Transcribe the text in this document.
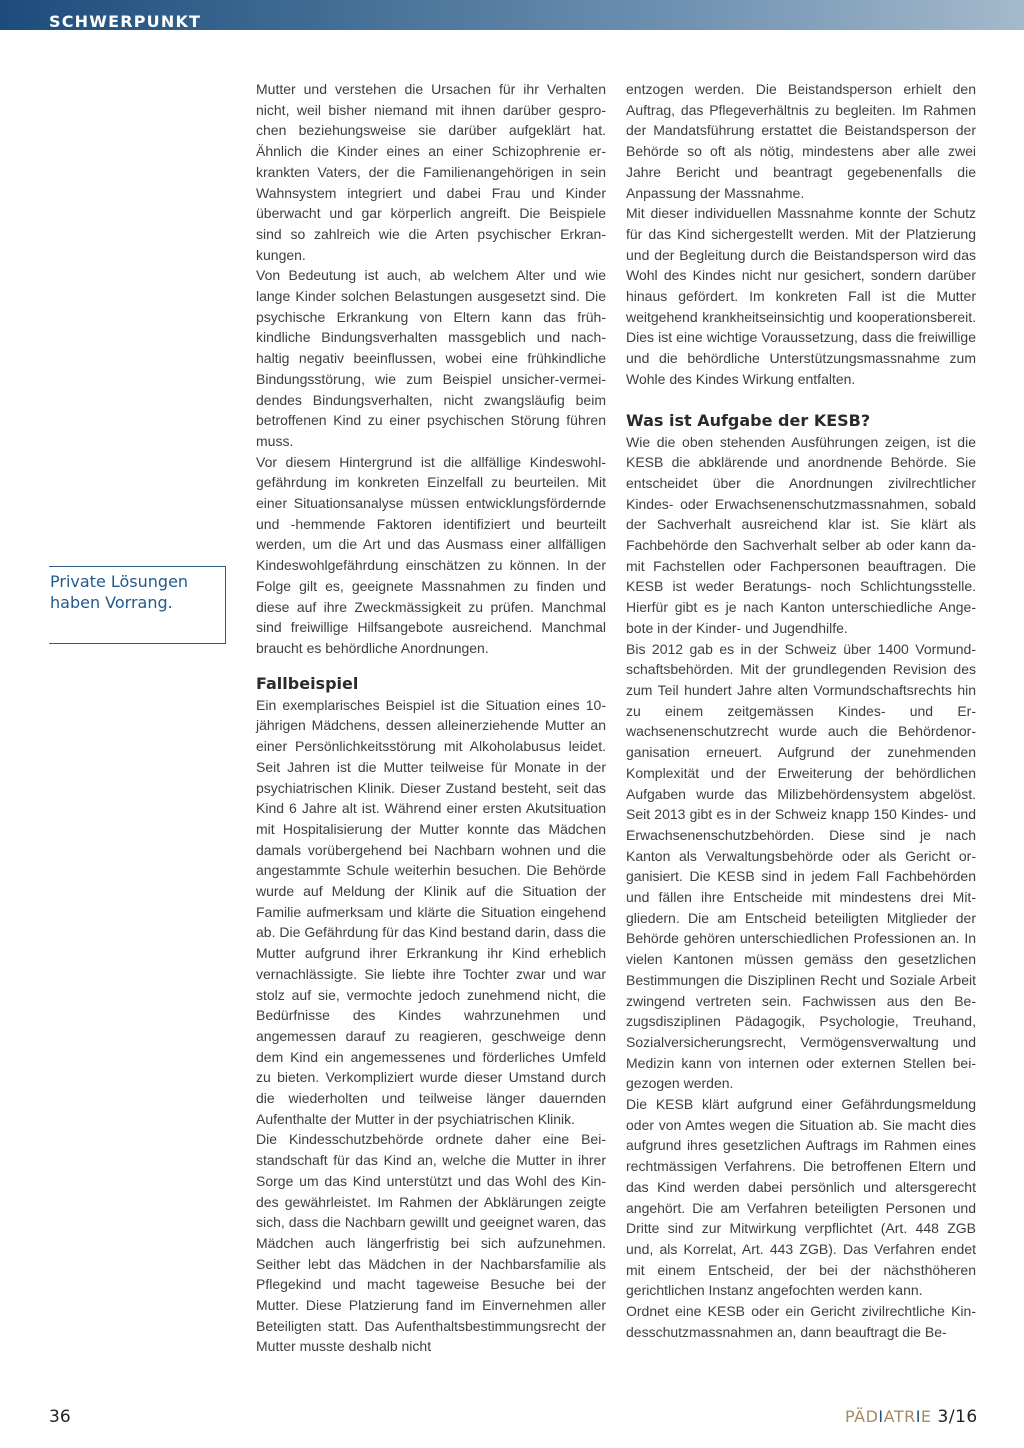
SCHWERPUNKT
Private Lösungen haben Vorrang.

Mutter und verstehen die Ursachen für ihr Verhalten nicht, weil bisher niemand mit ihnen darüber gesprochen beziehungsweise sie darüber aufgeklärt hat. Ähnlich die Kinder eines an einer Schizophrenie erkrankten Vaters, der die Familienangehörigen in sein Wahnsystem integriert und dabei Frau und Kinder überwacht und gar körperlich angreift. Die Beispiele sind so zahlreich wie die Arten psychischer Erkrankungen.

Von Bedeutung ist auch, ab welchem Alter und wie lange Kinder solchen Belastungen ausgesetzt sind. Die psychische Erkrankung von Eltern kann das frühkindliche Bindungsverhalten massgeblich und nachhaltig negativ beeinflussen, wobei eine frühkindliche Bindungsstörung, wie zum Beispiel unsicher-vermeidendes Bindungsverhalten, nicht zwangsläufig beim betroffenen Kind zu einer psychischen Störung führen muss.

Vor diesem Hintergrund ist die allfällige Kindeswohlgefährdung im konkreten Einzelfall zu beurteilen. Mit einer Situationsanalyse müssen entwicklungsfördernde und -hemmende Faktoren identifiziert und beurteilt werden, um die Art und das Ausmass einer allfälligen Kindeswohlgefährdung einschätzen zu können. In der Folge gilt es, geeignete Massnahmen zu finden und diese auf ihre Zweckmässigkeit zu prüfen. Manchmal sind freiwillige Hilfsangebote ausreichend. Manchmal braucht es behördliche Anordnungen.

Fallbeispiel

Ein exemplarisches Beispiel ist die Situation eines 10-jährigen Mädchens, dessen alleinerziehende Mutter an einer Persönlichkeitsstörung mit Alkoholabusus leidet. Seit Jahren ist die Mutter teilweise für Monate in der psychiatrischen Klinik. Dieser Zustand besteht, seit das Kind 6 Jahre alt ist. Während einer ersten Akutsituation mit Hospitalisierung der Mutter konnte das Mädchen damals vorübergehend bei Nachbarn wohnen und die angestammte Schule weiterhin besuchen. Die Behörde wurde auf Meldung der Klinik auf die Situation der Familie aufmerksam und klärte die Situation eingehend ab. Die Gefährdung für das Kind bestand darin, dass die Mutter aufgrund ihrer Erkrankung ihr Kind erheblich vernachlässigte. Sie liebte ihre Tochter zwar und war stolz auf sie, vermochte jedoch zunehmend nicht, die Bedürfnisse des Kindes wahrzunehmen und angemessen darauf zu reagieren, geschweige denn dem Kind ein angemessenes und förderliches Umfeld zu bieten. Verkompliziert wurde dieser Umstand durch die wiederholten und teilweise länger dauernden Aufenthalte der Mutter in der psychiatrischen Klinik.

Die Kindesschutzbehörde ordnete daher eine Beistandschaft für das Kind an, welche die Mutter in ihrer Sorge um das Kind unterstützt und das Wohl des Kindes gewährleistet. Im Rahmen der Abklärungen zeigte sich, dass die Nachbarn gewillt und geeignet waren, das Mädchen auch längerfristig bei sich aufzunehmen. Seither lebt das Mädchen in der Nachbarsfamilie als Pflegekind und macht tageweise Besuche bei der Mutter. Diese Platzierung fand im Einvernehmen aller Beteiligten statt. Das Aufenthaltsbestimmungsrecht der Mutter musste deshalb nicht

entzogen werden. Die Beistandsperson erhielt den Auftrag, das Pflegeverhältnis zu begleiten. Im Rahmen der Mandatsführung erstattet die Beistandsperson der Behörde so oft als nötig, mindestens aber alle zwei Jahre Bericht und beantragt gegebenenfalls die Anpassung der Massnahme.

Mit dieser individuellen Massnahme konnte der Schutz für das Kind sichergestellt werden. Mit der Platzierung und der Begleitung durch die Beistandsperson wird das Wohl des Kindes nicht nur gesichert, sondern darüber hinaus gefördert. Im konkreten Fall ist die Mutter weitgehend krankheitseinsichtig und kooperationsbereit. Dies ist eine wichtige Voraussetzung, dass die freiwillige und die behördliche Unterstützungsmassnahme zum Wohle des Kindes Wirkung entfalten.

Was ist Aufgabe der KESB?

Wie die oben stehenden Ausführungen zeigen, ist die KESB die abklärende und anordnende Behörde. Sie entscheidet über die Anordnungen zivilrechtlicher Kindes- oder Erwachsenenschutzmassnahmen, sobald der Sachverhalt ausreichend klar ist. Sie klärt als Fachbehörde den Sachverhalt selber ab oder kann damit Fachstellen oder Fachpersonen beauftragen. Die KESB ist weder Beratungs- noch Schlichtungsstelle. Hierfür gibt es je nach Kanton unterschiedliche Angebote in der Kinder- und Jugendhilfe.

Bis 2012 gab es in der Schweiz über 1400 Vormundschaftsbehörden. Mit der grundlegenden Revision des zum Teil hundert Jahre alten Vormundschaftsrechts hin zu einem zeitgemässen Kindes- und Erwachsenenschutzrecht wurde auch die Behördenorganisation erneuert. Aufgrund der zunehmenden Komplexität und der Erweiterung der behördlichen Aufgaben wurde das Milizbehördensystem abgelöst. Seit 2013 gibt es in der Schweiz knapp 150 Kindes- und Erwachsenenschutzbehörden. Diese sind je nach Kanton als Verwaltungsbehörde oder als Gericht organisiert. Die KESB sind in jedem Fall Fachbehörden und fällen ihre Entscheide mit mindestens drei Mitgliedern. Die am Entscheid beteiligten Mitglieder der Behörde gehören unterschiedlichen Professionen an. In vielen Kantonen müssen gemäss den gesetzlichen Bestimmungen die Disziplinen Recht und Soziale Arbeit zwingend vertreten sein. Fachwissen aus den Bezugsdisziplinen Pädagogik, Psychologie, Treuhand, Sozialversicherungsrecht, Vermögensverwaltung und Medizin kann von internen oder externen Stellen beigezogen werden.

Die KESB klärt aufgrund einer Gefährdungsmeldung oder von Amtes wegen die Situation ab. Sie macht dies aufgrund ihres gesetzlichen Auftrags im Rahmen eines rechtmässigen Verfahrens. Die betroffenen Eltern und das Kind werden dabei persönlich und altersgerecht angehört. Die am Verfahren beteiligten Personen und Dritte sind zur Mitwirkung verpflichtet (Art. 448 ZGB und, als Korrelat, Art. 443 ZGB). Das Verfahren endet mit einem Entscheid, der bei der nächsthöheren gerichtlichen Instanz angefochten werden kann.

Ordnet eine KESB oder ein Gericht zivilrechtliche Kindesschutzmassnahmen an, dann beauftragt die Be-

36	PÄDIATRIE 3/16
